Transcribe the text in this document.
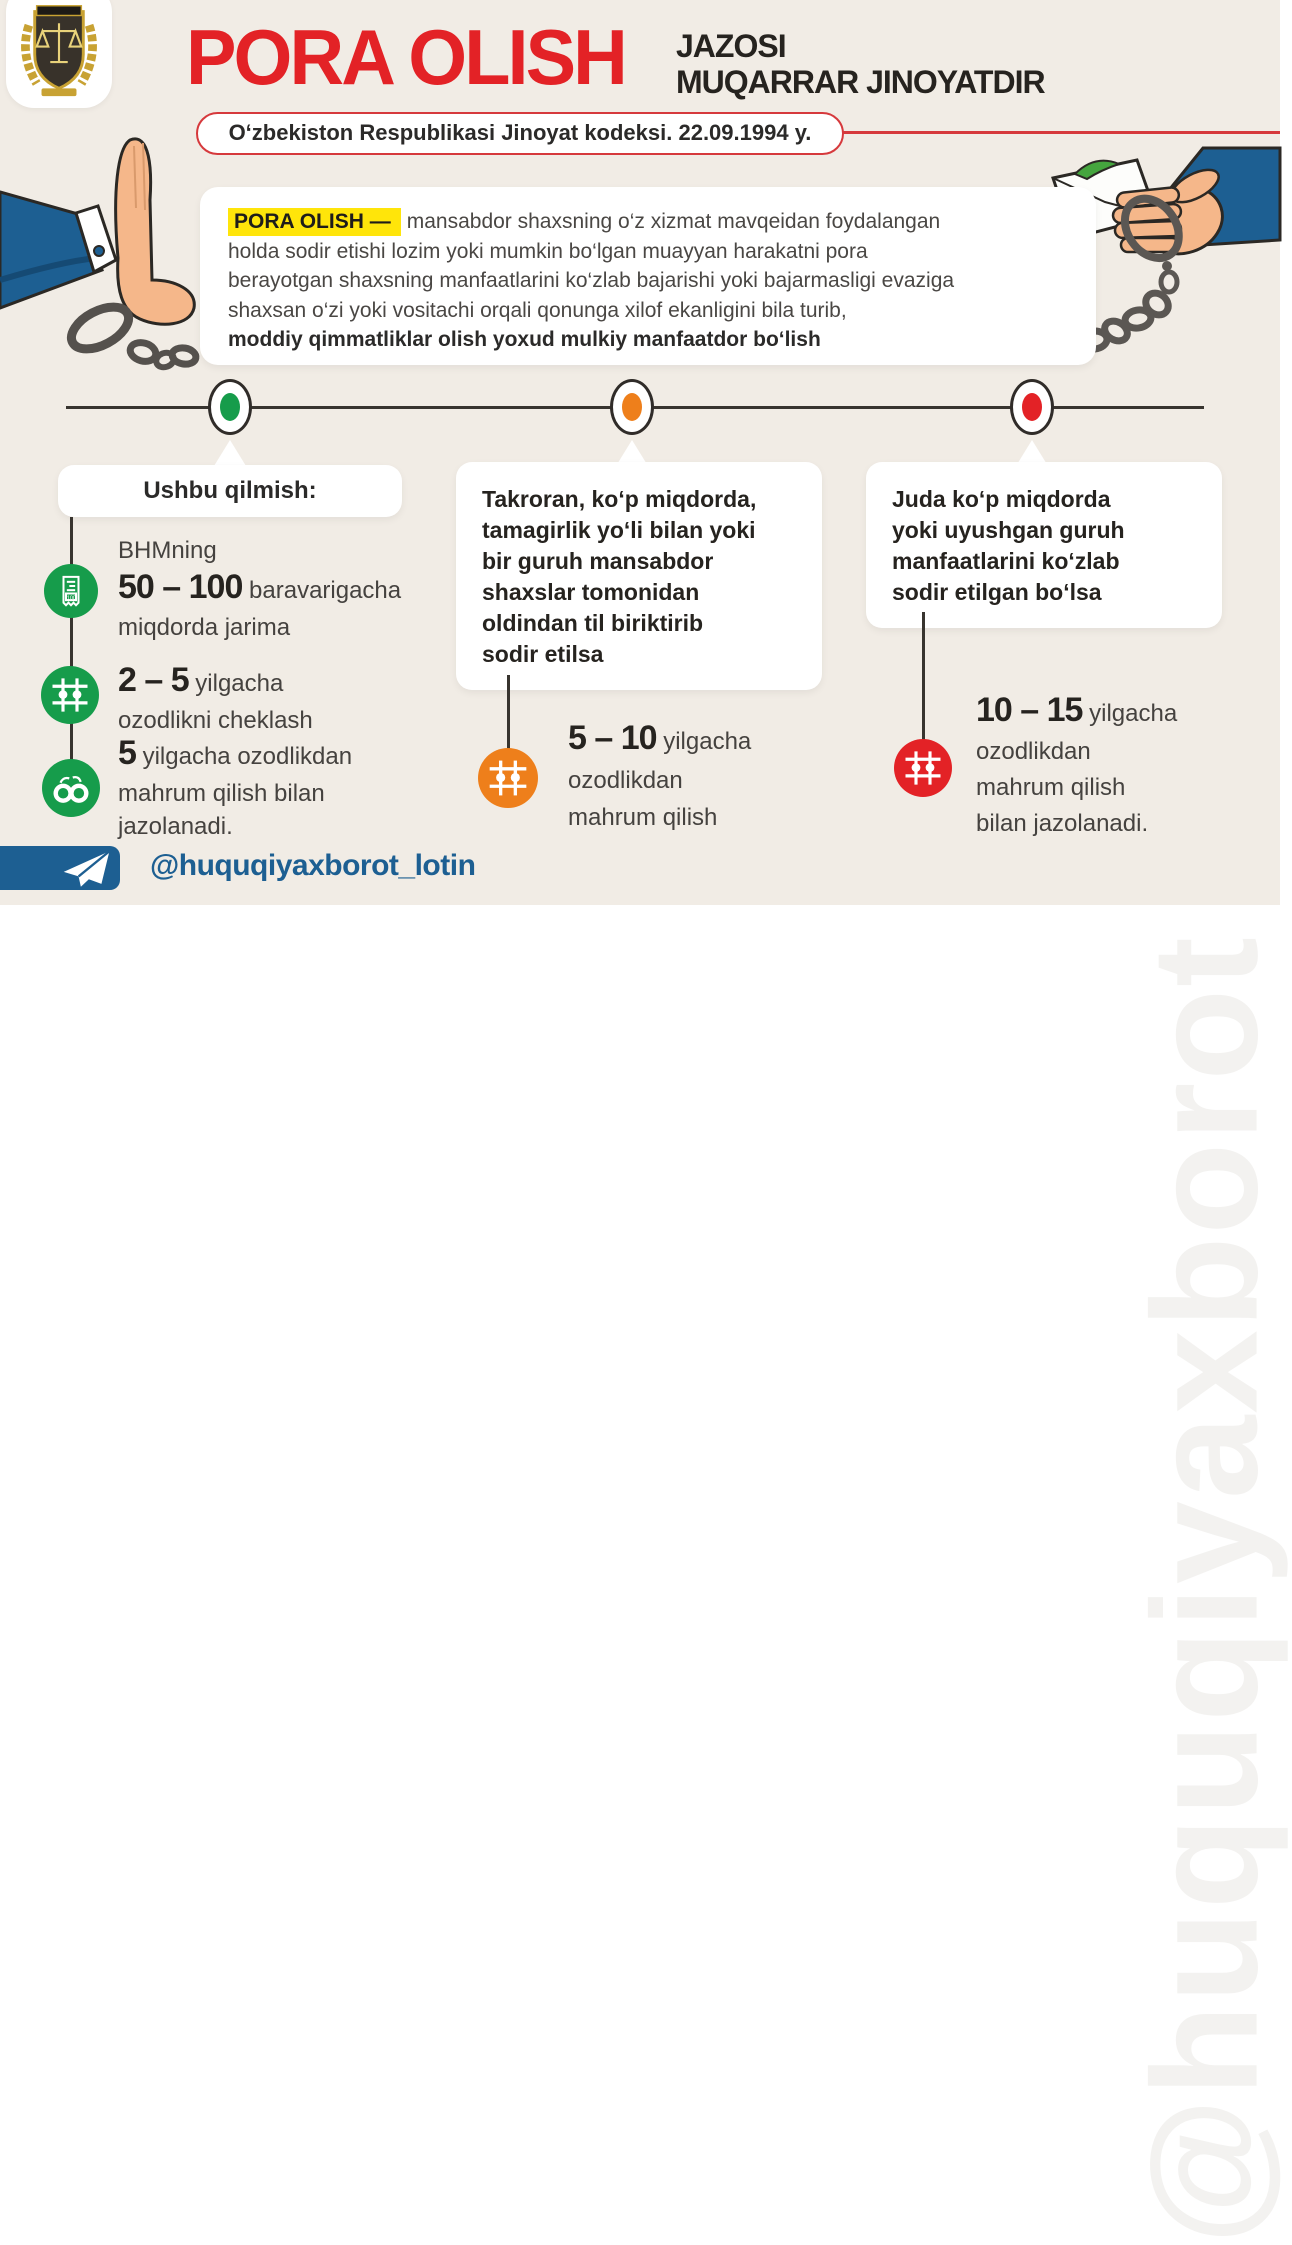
@huquqiyaxborot
PORA OLISH JAZOSI
MUQARRAR JINOYATDIR
O‘zbekiston Respublikasi Jinoyat kodeksi. 22.09.1994 y.
PORA OLISH — mansabdor shaxsning o‘z xizmat mavqeidan foydalangan
holda sodir etishi lozim yoki mumkin bo‘lgan muayyan harakatni pora
berayotgan shaxsning manfaatlarini ko‘zlab bajarishi yoki bajarmasligi evaziga
shaxsan o‘zi yoki vositachi orqali qonunga xilof ekanligini bila turib,
moddiy qimmatliklar olish yoxud mulkiy manfaatdor bo‘lish
Ushbu qilmish:
100
BHMning
50 – 100 baravarigacha
miqdorda jarima
2 – 5 yilgacha
ozodlikni cheklash
5 yilgacha ozodlikdan
mahrum qilish bilan
jazolanadi.
Takroran, ko‘p miqdorda,
tamagirlik yo‘li bilan yoki
bir guruh mansabdor
shaxslar tomonidan
oldindan til biriktirib
sodir etilsa
5 – 10 yilgacha
ozodlikdan
mahrum qilish
Juda ko‘p miqdorda
yoki uyushgan guruh
manfaatlarini ko‘zlab
sodir etilgan bo‘lsa
10 – 15 yilgacha
ozodlikdan
mahrum qilish
bilan jazolanadi.
@huquqiyaxborot_lotin
